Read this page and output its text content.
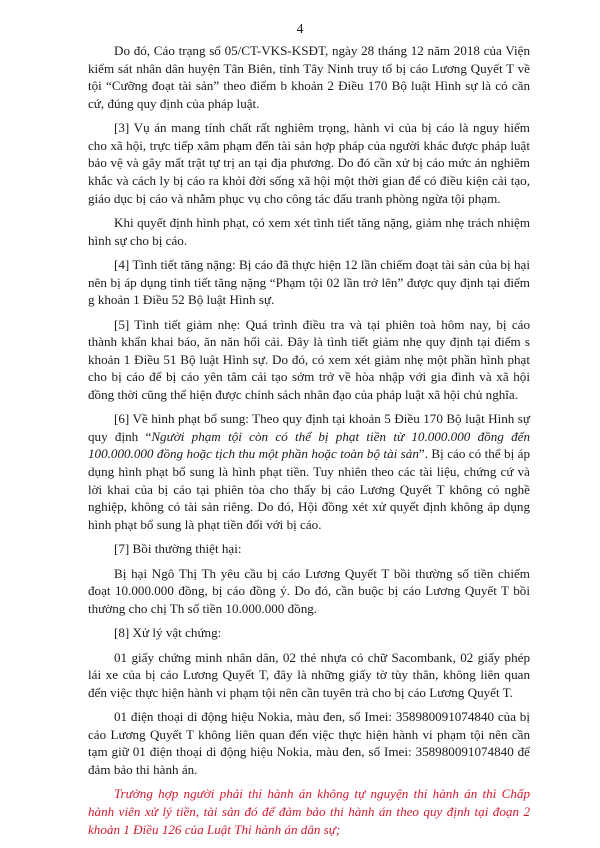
4

Do đó, Cáo trạng số 05/CT-VKS-KSĐT, ngày 28 tháng 12 năm 2018 của Viện kiểm sát nhân dân huyện Tân Biên, tỉnh Tây Ninh truy tố bị cáo Lương Quyết T về tội “Cưỡng đoạt tài sản” theo điểm b khoản 2 Điều 170 Bộ luật Hình sự là có căn cứ, đúng quy định của pháp luật.

[3] Vụ án mang tính chất rất nghiêm trọng, hành vi của bị cáo là nguy hiểm cho xã hội, trực tiếp xâm phạm đến tài sản hợp pháp của người khác được pháp luật bảo vệ và gây mất trật tự trị an tại địa phương. Do đó cần xử bị cáo mức án nghiêm khắc và cách ly bị cáo ra khỏi đời sống xã hội một thời gian để có điều kiện cải tạo, giáo dục bị cáo và nhằm phục vụ cho công tác đấu tranh phòng ngừa tội phạm.

Khi quyết định hình phạt, có xem xét tình tiết tăng nặng, giảm nhẹ trách nhiệm hình sự cho bị cáo.

[4] Tình tiết tăng nặng: Bị cáo đã thực hiện 12 lần chiếm đoạt tài sản của bị hại nên bị áp dụng tình tiết tăng nặng “Phạm tội 02 lần trở lên” được quy định tại điểm g khoản 1 Điều 52 Bộ luật Hình sự.

[5] Tình tiết giảm nhẹ: Quá trình điều tra và tại phiên toà hôm nay, bị cáo thành khẩn khai báo, ăn năn hối cải. Đây là tình tiết giảm nhẹ quy định tại điểm s khoản 1 Điều 51 Bộ luật Hình sự. Do đó, có xem xét giảm nhẹ một phần hình phạt cho bị cáo để bị cáo yên tâm cải tạo sớm trở về hòa nhập với gia đình và xã hội đồng thời cũng thể hiện được chính sách nhân đạo của pháp luật xã hội chủ nghĩa.

[6] Về hình phạt bổ sung: Theo quy định tại khoản 5 Điều 170 Bộ luật Hình sự quy định “Người phạm tội còn có thể bị phạt tiền từ 10.000.000 đồng đến 100.000.000 đồng hoặc tịch thu một phần hoặc toàn bộ tài sản”. Bị cáo có thể bị áp dụng hình phạt bổ sung là hình phạt tiền. Tuy nhiên theo các tài liệu, chứng cứ và lời khai của bị cáo tại phiên tòa cho thấy bị cáo Lương Quyết T không có nghề nghiệp, không có tài sản riêng. Do đó, Hội đồng xét xử quyết định không áp dụng hình phạt bổ sung là phạt tiền đối với bị cáo.

[7] Bồi thường thiệt hại:

Bị hại Ngô Thị Th yêu cầu bị cáo Lương Quyết T bồi thường số tiền chiếm đoạt 10.000.000 đồng, bị cáo đồng ý. Do đó, cần buộc bị cáo Lương Quyết T bồi thường cho chị Th số tiền 10.000.000 đồng.

[8] Xử lý vật chứng:

01 giấy chứng minh nhân dân, 02 thẻ nhựa có chữ Sacombank, 02 giấy phép lái xe của bị cáo Lương Quyết T, đây là những giấy tờ tùy thân, không liên quan đến việc thực hiện hành vi phạm tội nên cần tuyên trả cho bị cáo Lương Quyết T.

01 điện thoại di động hiệu Nokia, màu đen, số Imei: 358980091074840 của bị cáo Lương Quyết T không liên quan đến việc thực hiện hành vi phạm tội nên cần tạm giữ 01 điện thoại di động hiệu Nokia, màu đen, số Imei: 358980091074840 để đảm bảo thi hành án.

Trường hợp người phải thi hành án không tự nguyện thi hành án thì Chấp hành viên xử lý tiền, tài sản đó để đảm bảo thi hành án theo quy định tại đoạn 2 khoản 1 Điều 126 của Luật Thi hành án dân sự;
